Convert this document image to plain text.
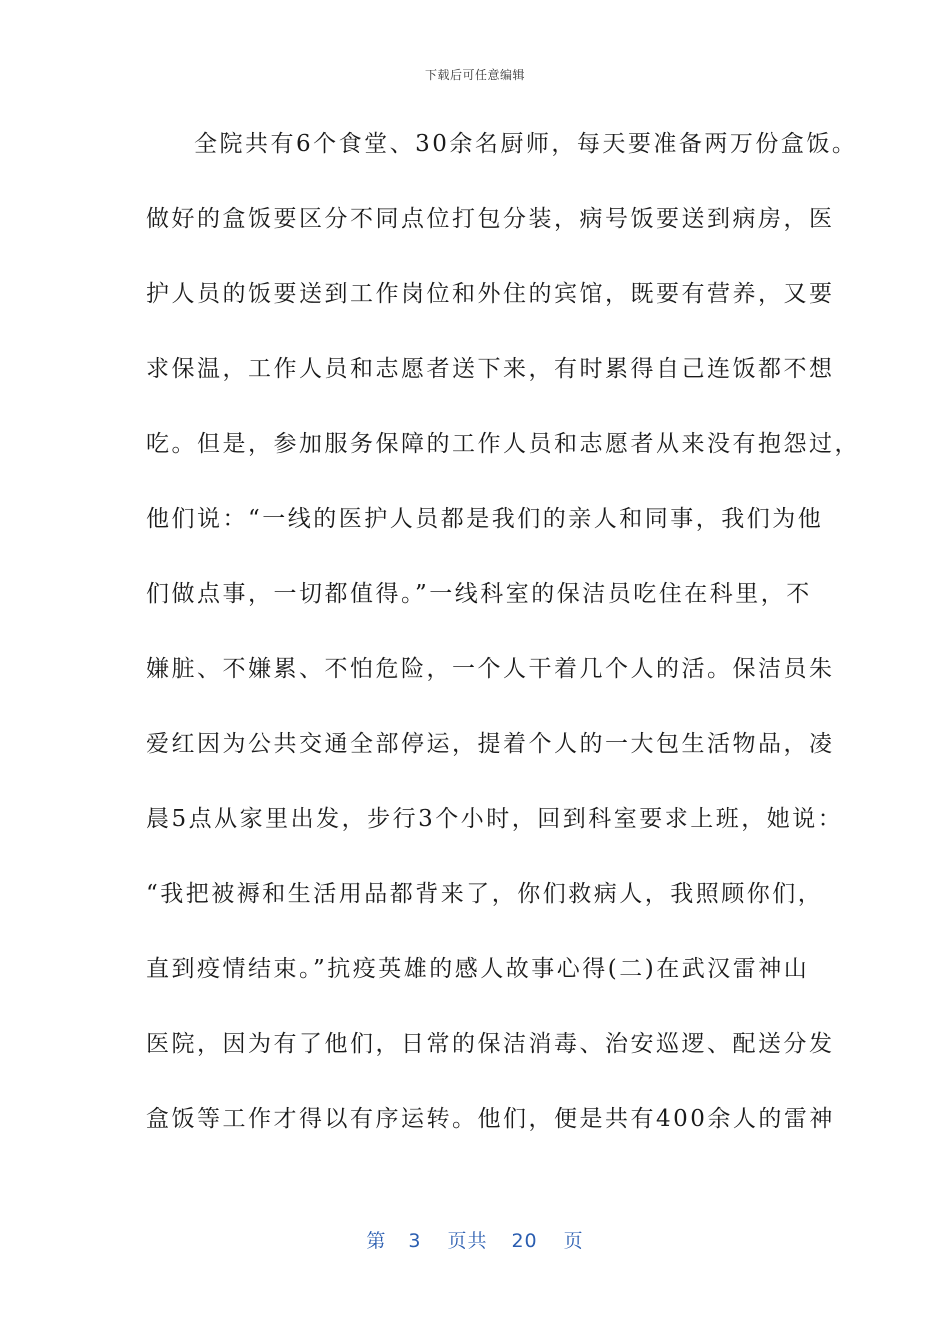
下载后可任意编辑
全院共有6个食堂、30余名厨师，每天要准备两万份盒饭。
做好的盒饭要区分不同点位打包分装，病号饭要送到病房，医
护人员的饭要送到工作岗位和外住的宾馆，既要有营养，又要
求保温，工作人员和志愿者送下来，有时累得自己连饭都不想
吃。但是，参加服务保障的工作人员和志愿者从来没有抱怨过，
他们说：“一线的医护人员都是我们的亲人和同事，我们为他
们做点事，一切都值得。”一线科室的保洁员吃住在科里，不
嫌脏、不嫌累、不怕危险，一个人干着几个人的活。保洁员朱
爱红因为公共交通全部停运，提着个人的一大包生活物品，凌
晨5点从家里出发，步行3个小时，回到科室要求上班，她说：
“我把被褥和生活用品都背来了，你们救病人，我照顾你们，
直到疫情结束。”抗疫英雄的感人故事心得(二)在武汉雷神山
医院，因为有了他们，日常的保洁消毒、治安巡逻、配送分发
盒饭等工作才得以有序运转。他们，便是共有400余人的雷神
第 3 页共 20 页
